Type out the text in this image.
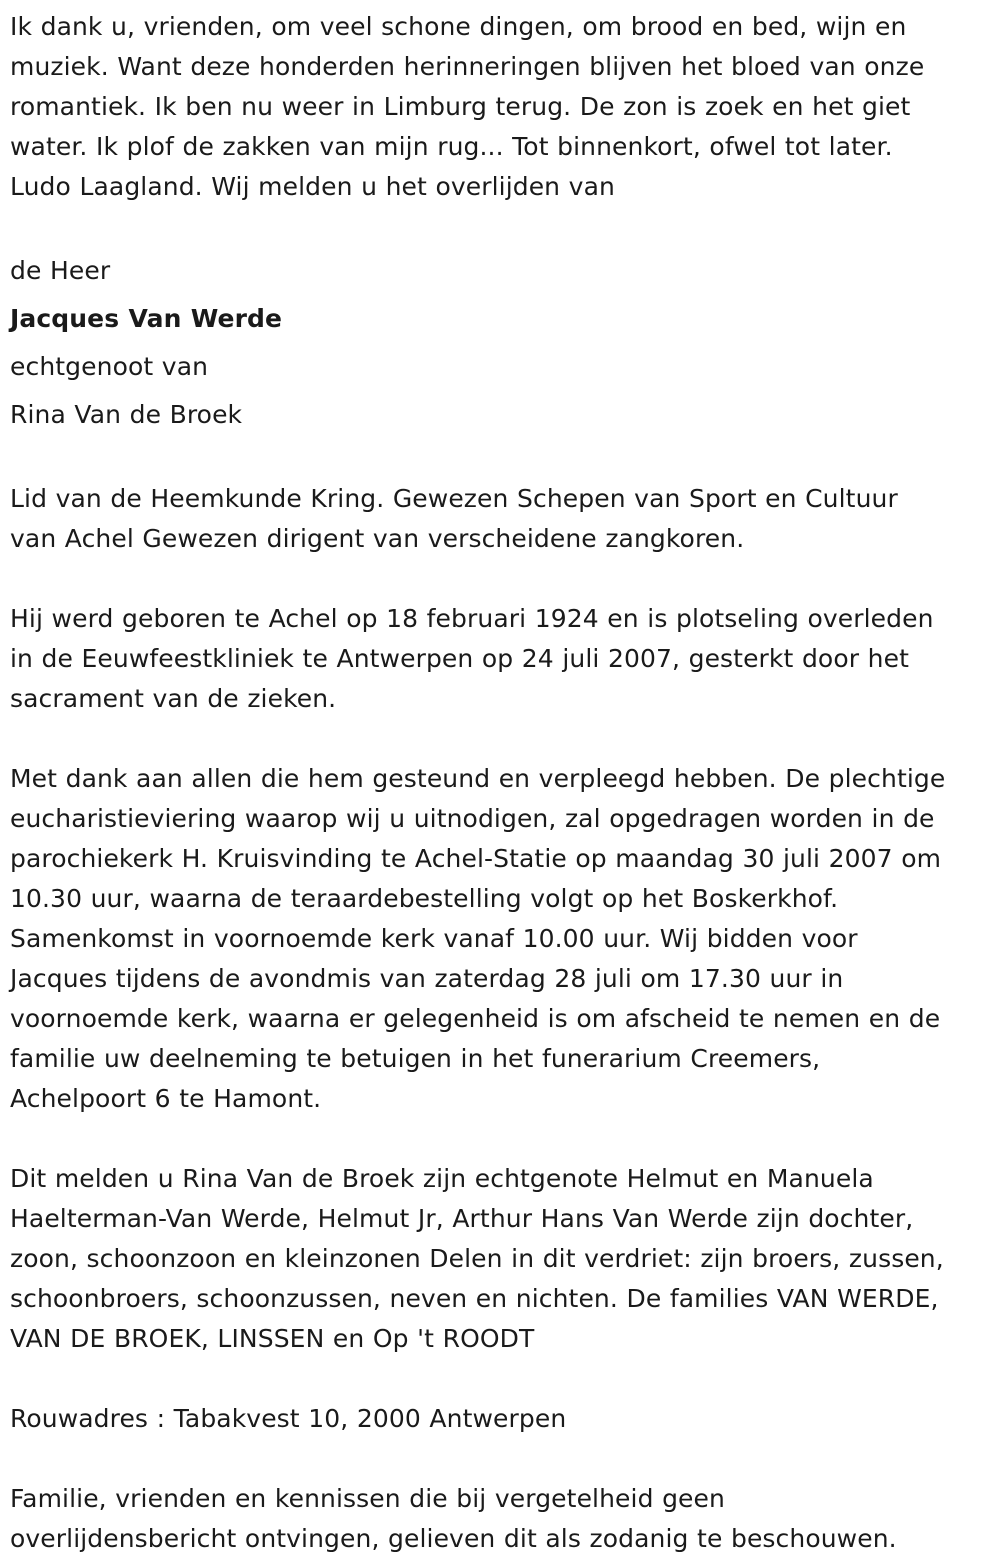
Ik dank u, vrienden, om veel schone dingen, om brood en bed, wijn en
muziek. Want deze honderden herinneringen blijven het bloed van onze
romantiek. Ik ben nu weer in Limburg terug. De zon is zoek en het giet
water. Ik plof de zakken van mijn rug... Tot binnenkort, ofwel tot later.
Ludo Laagland. Wij melden u het overlijden van

de Heer
Jacques Van Werde
echtgenoot van
Rina Van de Broek

Lid van de Heemkunde Kring. Gewezen Schepen van Sport en Cultuur
van Achel Gewezen dirigent van verscheidene zangkoren.

Hij werd geboren te Achel op 18 februari 1924 en is plotseling overleden
in de Eeuwfeestkliniek te Antwerpen op 24 juli 2007, gesterkt door het
sacrament van de zieken.

Met dank aan allen die hem gesteund en verpleegd hebben. De plechtige
eucharistieviering waarop wij u uitnodigen, zal opgedragen worden in de
parochiekerk H. Kruisvinding te Achel-Statie op maandag 30 juli 2007 om
10.30 uur, waarna de teraardebestelling volgt op het Boskerkhof.
Samenkomst in voornoemde kerk vanaf 10.00 uur. Wij bidden voor
Jacques tijdens de avondmis van zaterdag 28 juli om 17.30 uur in
voornoemde kerk, waarna er gelegenheid is om afscheid te nemen en de
familie uw deelneming te betuigen in het funerarium Creemers,
Achelpoort 6 te Hamont.

Dit melden u Rina Van de Broek zijn echtgenote Helmut en Manuela
Haelterman-Van Werde, Helmut Jr, Arthur Hans Van Werde zijn dochter,
zoon, schoonzoon en kleinzonen Delen in dit verdriet: zijn broers, zussen,
schoonbroers, schoonzussen, neven en nichten. De families VAN WERDE,
VAN DE BROEK, LINSSEN en Op 't ROODT

Rouwadres : Tabakvest 10, 2000 Antwerpen

Familie, vrienden en kennissen die bij vergetelheid geen
overlijdensbericht ontvingen, gelieven dit als zodanig te beschouwen.
